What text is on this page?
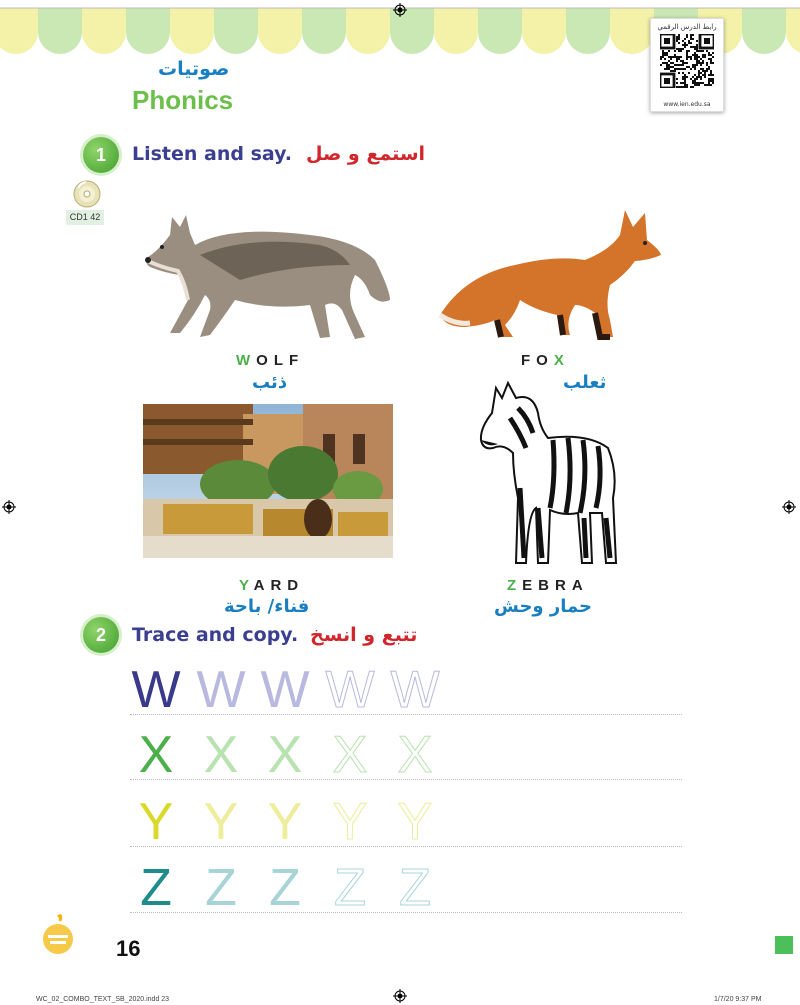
رابط الدرس الرقمي
www.ien.edu.sa
صوتيات
Phonics
1	Listen and say. استمع و صل
CD1 42
WOLF
ذئب
FOX
ثعلب
YARD
فناء/ باحة
ZEBRA
حمار وحش
2	Trace and copy. تتبع و انسخ
W W W W W
X X X X X
Y Y Y Y Y
Z Z Z Z Z
16
WC_02_COMBO_TEXT_SB_2020.indd 23	1/7/20 9:37 PM
